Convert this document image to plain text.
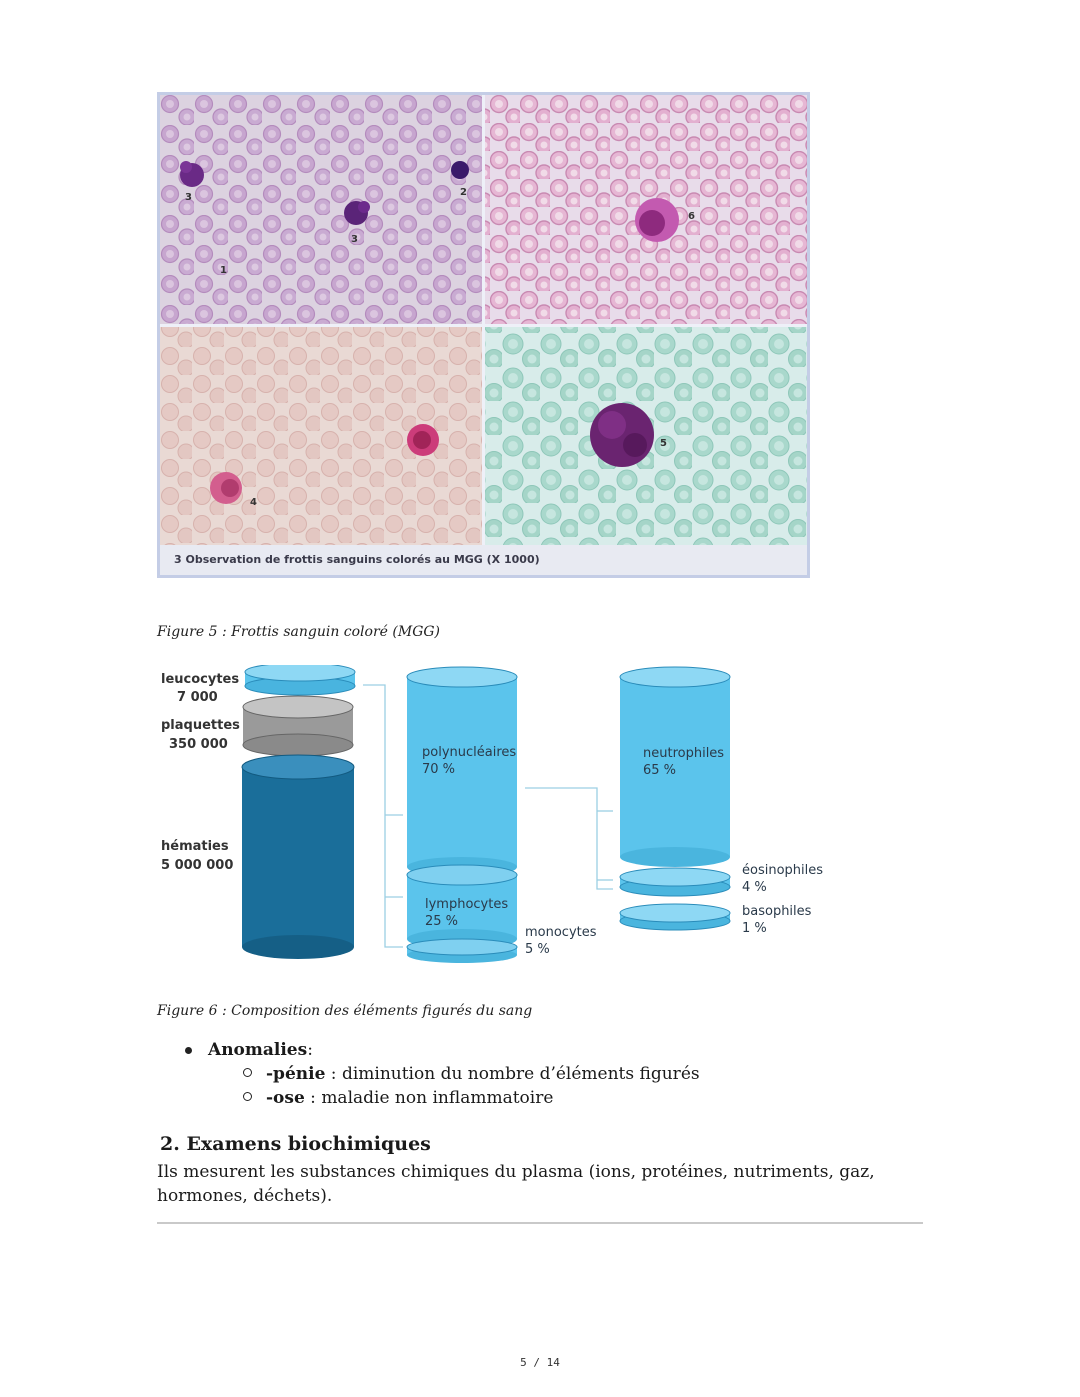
1
2
3
3
4
5
6
3 Observation de frottis sanguins colorés au MGG (X 1000)
Figure 5 : Frottis sanguin coloré (MGG)
leucocytes
7 000
plaquettes
350 000
hématies
5 000 000
polynucléaires
70 %
lymphocytes
25 %
monocytes
5 %
neutrophiles
65 %
éosinophiles
4 %
basophiles
1 %
Figure 6 : Composition des éléments figurés du sang
Anomalies :
-pénie : diminution du nombre d’éléments figurés
-ose : maladie non inflammatoire
2. Examens biochimiques
Ils mesurent les substances chimiques du plasma (ions, protéines, nutriments, gaz, hormones, déchets).
5 / 14
